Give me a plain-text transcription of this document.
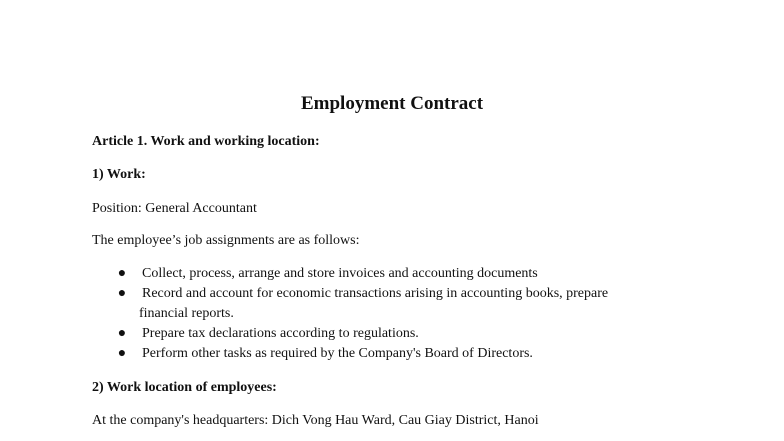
Employment Contract

Article 1. Work and working location:

1) Work:

Position: General Accountant

The employee’s job assignments are as follows:

●	Collect, process, arrange and store invoices and accounting documents
●	Record and account for economic transactions arising in accounting books, prepare
financial reports.
●	Prepare tax declarations according to regulations.
●	Perform other tasks as required by the Company's Board of Directors.

2) Work location of employees:

At the company's headquarters: Dich Vong Hau Ward, Cau Giay District, Hanoi
